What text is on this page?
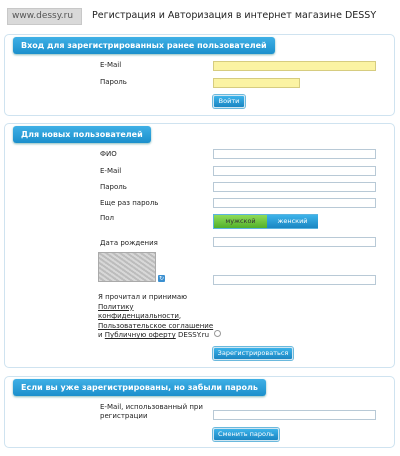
www.dessy.ru	Регистрация и Авторизация в интернет магазине DESSY
Вход для зарегистрированных ранее пользователей
E-Mail
Пароль
Войти
Для новых пользователей
ФИО
E-Mail
Пароль
Еще раз пароль
Пол	мужской	женский
Дата рождения
↻
Я прочитал и принимаю
Политику конфиденциальности,
Пользовательское соглашение
и Публичную оферту DESSY.ru
Зарегистрироваться
Если вы уже зарегистрированы, но забыли пароль
E-Mail, использованный при регистрации
Сменить пароль
